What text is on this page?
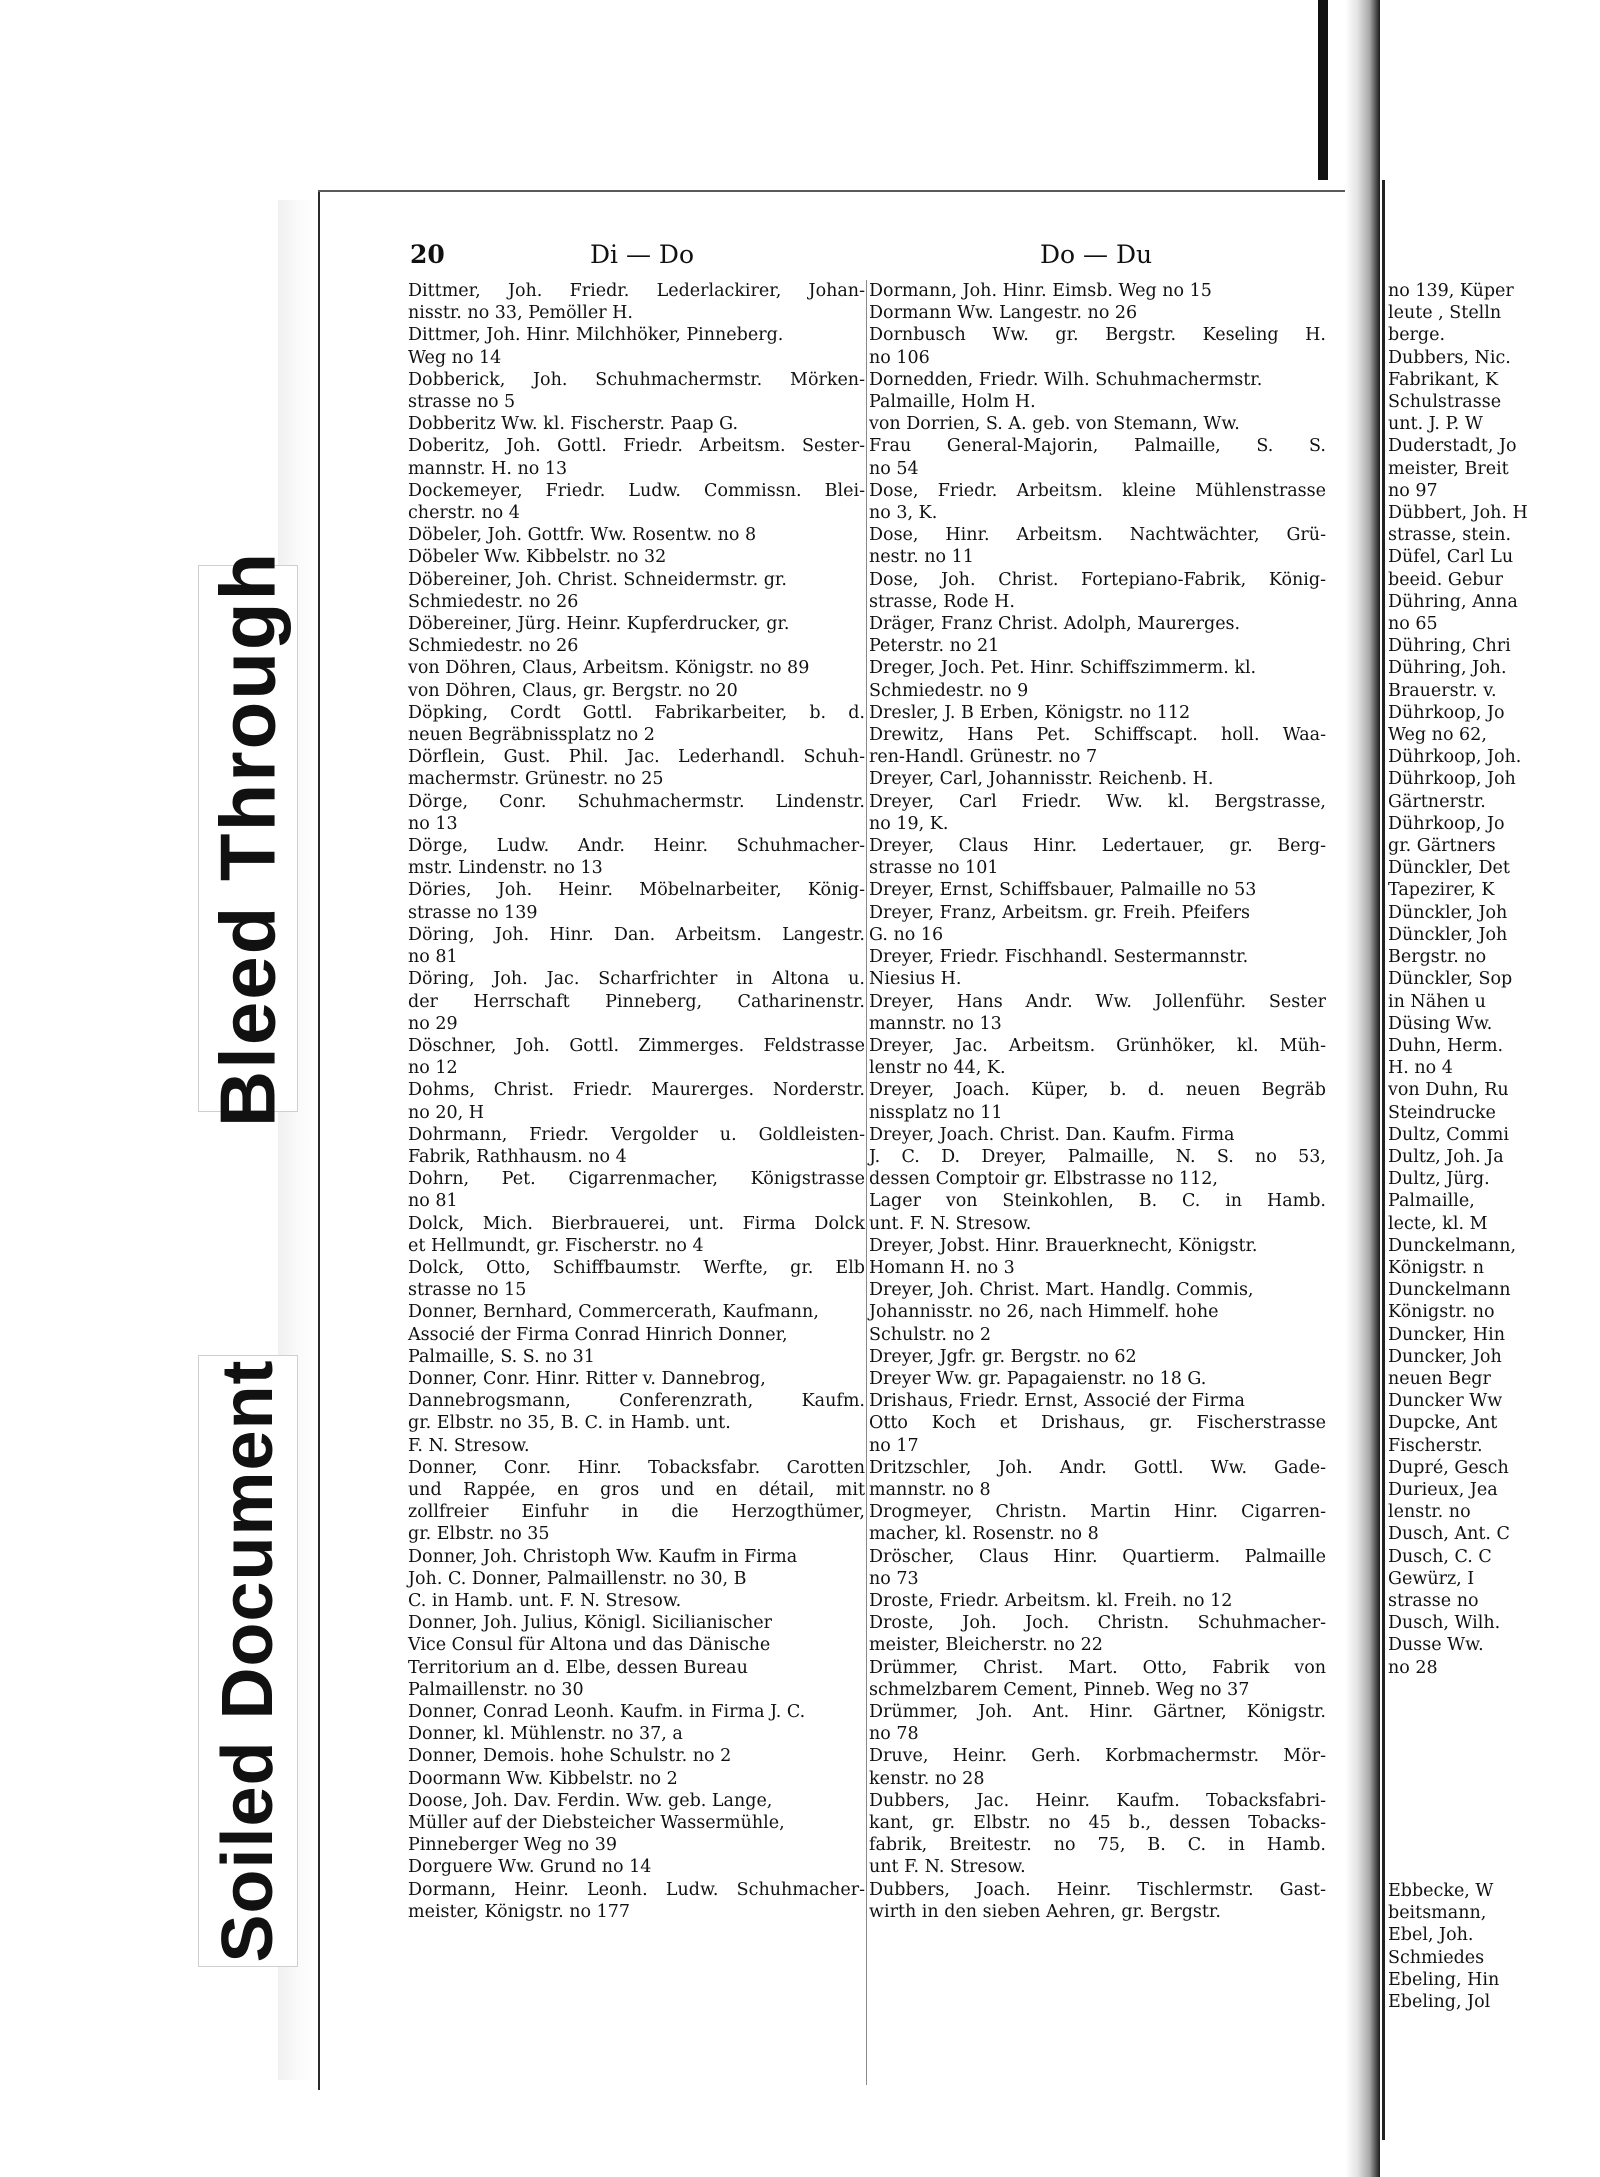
Bleed Through
Soiled Document
20	Di — Do	Do — Du
Dittmer, Joh. Friedr. Lederlackirer, Johan-
nisstr. no 33, Pemöller H.
Dittmer, Joh. Hinr. Milchhöker, Pinneberg.
Weg no 14
Dobberick, Joh. Schuhmachermstr. Mörken-
strasse no 5
Dobberitz Ww. kl. Fischerstr. Paap G.
Doberitz, Joh. Gottl. Friedr. Arbeitsm. Sester-
mannstr. H. no 13
Dockemeyer, Friedr. Ludw. Commissn. Blei-
cherstr. no 4
Döbeler, Joh. Gottfr. Ww. Rosentw. no 8
Döbeler Ww. Kibbelstr. no 32
Döbereiner, Joh. Christ. Schneidermstr. gr.
Schmiedestr. no 26
Döbereiner, Jürg. Heinr. Kupferdrucker, gr.
Schmiedestr. no 26
von Döhren, Claus, Arbeitsm. Königstr. no 89
von Döhren, Claus, gr. Bergstr. no 20
Döpking, Cordt Gottl. Fabrikarbeiter, b. d.
neuen Begräbnissplatz no 2
Dörflein, Gust. Phil. Jac. Lederhandl. Schuh-
machermstr. Grünestr. no 25
Dörge, Conr. Schuhmachermstr. Lindenstr.
no 13
Dörge, Ludw. Andr. Heinr. Schuhmacher-
mstr. Lindenstr. no 13
Döries, Joh. Heinr. Möbelnarbeiter, König-
strasse no 139
Döring, Joh. Hinr. Dan. Arbeitsm. Langestr.
no 81
Döring, Joh. Jac. Scharfrichter in Altona u.
der Herrschaft Pinneberg, Catharinenstr.
no 29
Döschner, Joh. Gottl. Zimmerges. Feldstrasse
no 12
Dohms, Christ. Friedr. Maurerges. Norderstr.
no 20, H
Dohrmann, Friedr. Vergolder u. Goldleisten-
Fabrik, Rathhausm. no 4
Dohrn, Pet. Cigarrenmacher, Königstrasse
no 81
Dolck, Mich. Bierbrauerei, unt. Firma Dolck
et Hellmundt, gr. Fischerstr. no 4
Dolck, Otto, Schiffbaumstr. Werfte, gr. Elb
strasse no 15
Donner, Bernhard, Commercerath, Kaufmann,
Associé der Firma Conrad Hinrich Donner,
Palmaille, S. S. no 31
Donner, Conr. Hinr. Ritter v. Dannebrog,
Dannebrogsmann, Conferenzrath, Kaufm.
gr. Elbstr. no 35, B. C. in Hamb. unt.
F. N. Stresow.
Donner, Conr. Hinr. Tobacksfabr. Carotten
und Rappée, en gros und en détail, mit
zollfreier Einfuhr in die Herzogthümer,
gr. Elbstr. no 35
Donner, Joh. Christoph Ww. Kaufm in Firma
Joh. C. Donner, Palmaillenstr. no 30, B
C. in Hamb. unt. F. N. Stresow.
Donner, Joh. Julius, Königl. Sicilianischer
Vice Consul für Altona und das Dänische
Territorium an d. Elbe, dessen Bureau
Palmaillenstr. no 30
Donner, Conrad Leonh. Kaufm. in Firma J. C.
Donner, kl. Mühlenstr. no 37, a
Donner, Demois. hohe Schulstr. no 2
Doormann Ww. Kibbelstr. no 2
Doose, Joh. Dav. Ferdin. Ww. geb. Lange,
Müller auf der Diebsteicher Wassermühle,
Pinneberger Weg no 39
Dorguere Ww. Grund no 14
Dormann, Heinr. Leonh. Ludw. Schuhmacher-
meister, Königstr. no 177
Dormann, Joh. Hinr. Eimsb. Weg no 15
Dormann Ww. Langestr. no 26
Dornbusch Ww. gr. Bergstr. Keseling H.
no 106
Dornedden, Friedr. Wilh. Schuhmachermstr.
Palmaille, Holm H.
von Dorrien, S. A. geb. von Stemann, Ww.
Frau General-Majorin, Palmaille, S. S.
no 54
Dose, Friedr. Arbeitsm. kleine Mühlenstrasse
no 3, K.
Dose, Hinr. Arbeitsm. Nachtwächter, Grü-
nestr. no 11
Dose, Joh. Christ. Fortepiano-Fabrik, König-
strasse, Rode H.
Dräger, Franz Christ. Adolph, Maurerges.
Peterstr. no 21
Dreger, Joch. Pet. Hinr. Schiffszimmerm. kl.
Schmiedestr. no 9
Dresler, J. B Erben, Königstr. no 112
Drewitz, Hans Pet. Schiffscapt. holl. Waa-
ren-Handl. Grünestr. no 7
Dreyer, Carl, Johannisstr. Reichenb. H.
Dreyer, Carl Friedr. Ww. kl. Bergstrasse,
no 19, K.
Dreyer, Claus Hinr. Ledertauer, gr. Berg-
strasse no 101
Dreyer, Ernst, Schiffsbauer, Palmaille no 53
Dreyer, Franz, Arbeitsm. gr. Freih. Pfeifers
G. no 16
Dreyer, Friedr. Fischhandl. Sestermannstr.
Niesius H.
Dreyer, Hans Andr. Ww. Jollenführ. Sester
mannstr. no 13
Dreyer, Jac. Arbeitsm. Grünhöker, kl. Müh-
lenstr no 44, K.
Dreyer, Joach. Küper, b. d. neuen Begräb
nissplatz no 11
Dreyer, Joach. Christ. Dan. Kaufm. Firma
J. C. D. Dreyer, Palmaille, N. S. no 53,
dessen Comptoir gr. Elbstrasse no 112,
Lager von Steinkohlen, B. C. in Hamb.
unt. F. N. Stresow.
Dreyer, Jobst. Hinr. Brauerknecht, Königstr.
Homann H. no 3
Dreyer, Joh. Christ. Mart. Handlg. Commis,
Johannisstr. no 26, nach Himmelf. hohe
Schulstr. no 2
Dreyer, Jgfr. gr. Bergstr. no 62
Dreyer Ww. gr. Papagaienstr. no 18 G.
Drishaus, Friedr. Ernst, Associé der Firma
Otto Koch et Drishaus, gr. Fischerstrasse
no 17
Dritzschler, Joh. Andr. Gottl. Ww. Gade-
mannstr. no 8
Drogmeyer, Christn. Martin Hinr. Cigarren-
macher, kl. Rosenstr. no 8
Dröscher, Claus Hinr. Quartierm. Palmaille
no 73
Droste, Friedr. Arbeitsm. kl. Freih. no 12
Droste, Joh. Joch. Christn. Schuhmacher-
meister, Bleicherstr. no 22
Drümmer, Christ. Mart. Otto, Fabrik von
schmelzbarem Cement, Pinneb. Weg no 37
Drümmer, Joh. Ant. Hinr. Gärtner, Königstr.
no 78
Druve, Heinr. Gerh. Korbmachermstr. Mör-
kenstr. no 28
Dubbers, Jac. Heinr. Kaufm. Tobacksfabri-
kant, gr. Elbstr. no 45 b., dessen Tobacks-
fabrik, Breitestr. no 75, B. C. in Hamb.
unt F. N. Stresow.
Dubbers, Joach. Heinr. Tischlermstr. Gast-
wirth in den sieben Aehren, gr. Bergstr.
no 139, Küper
leute , Stelln
berge.
Dubbers, Nic.
Fabrikant, K
Schulstrasse
unt. J. P. W
Duderstadt, Jo
meister, Breit
no 97
Dübbert, Joh. H
strasse, stein.
Düfel, Carl Lu
beeid. Gebur
Dühring, Anna
no 65
Dühring, Chri
Dühring, Joh.
Brauerstr. v.
Dührkoop, Jo
Weg no 62,
Dührkoop, Joh.
Dührkoop, Joh
Gärtnerstr.
Dührkoop, Jo
gr. Gärtners
Dünckler, Det
Tapezirer, K
Dünckler, Joh
Dünckler, Joh
Bergstr. no
Dünckler, Sop
in Nähen u
Düsing Ww.
Duhn, Herm.
H. no 4
von Duhn, Ru
Steindrucke
Dultz, Commi
Dultz, Joh. Ja
Dultz, Jürg.
Palmaille,
lecte, kl. M
Dunckelmann,
Königstr. n
Dunckelmann
Königstr. no
Duncker, Hin
Duncker, Joh
neuen Begr
Duncker Ww
Dupcke, Ant
Fischerstr.
Dupré, Gesch
Durieux, Jea
lenstr. no
Dusch, Ant. C
Dusch, C. C
Gewürz, I
strasse no
Dusch, Wilh.
Dusse Ww.
no 28
Ebbecke, W
beitsmann,
Ebel, Joh.
Schmiedes
Ebeling, Hin
Ebeling, Jol
